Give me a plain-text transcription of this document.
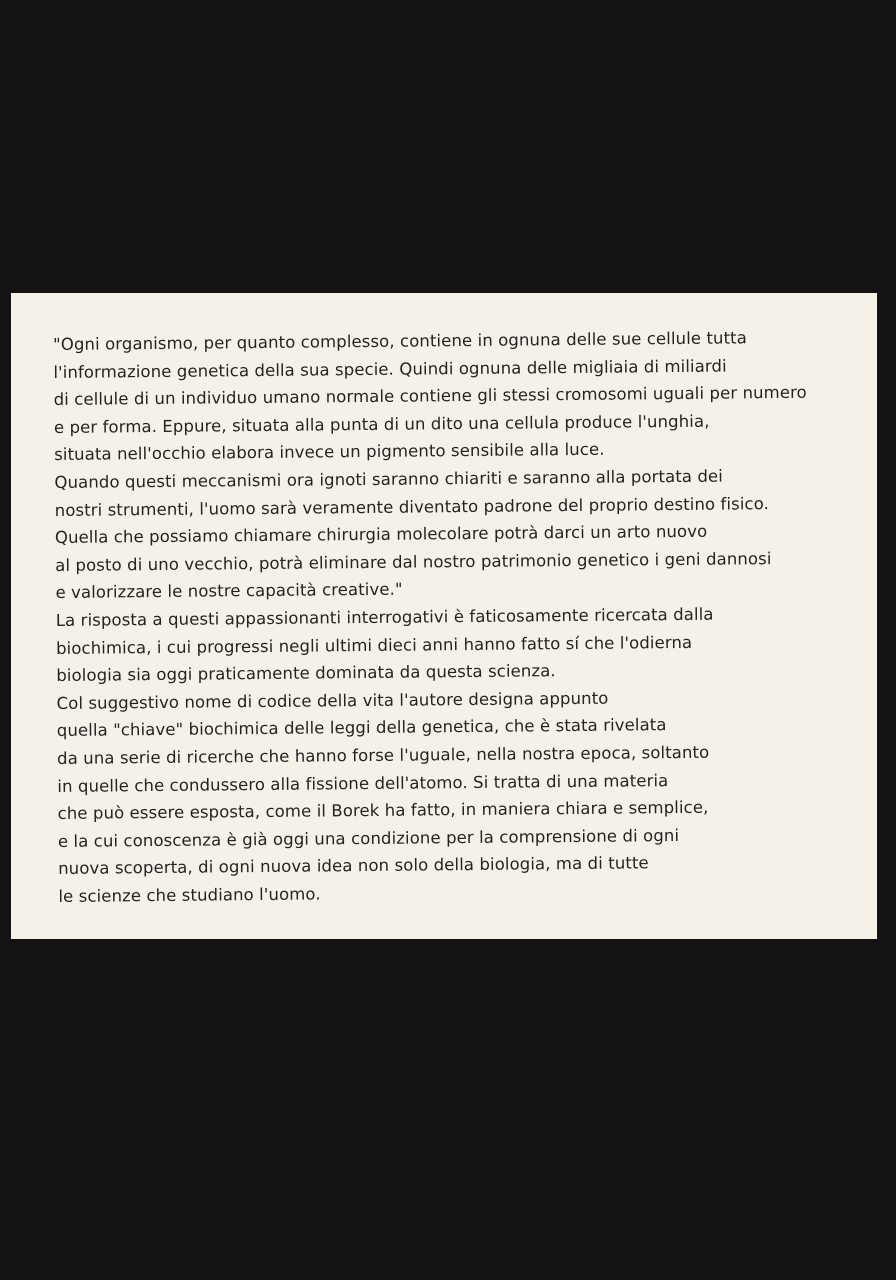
"Ogni organismo, per quanto complesso, contiene in ognuna delle sue cellule tutta
l'informazione genetica della sua specie. Quindi ognuna delle migliaia di miliardi
di cellule di un individuo umano normale contiene gli stessi cromosomi uguali per numero
e per forma. Eppure, situata alla punta di un dito una cellula produce l'unghia,
situata nell'occhio elabora invece un pigmento sensibile alla luce.
Quando questi meccanismi ora ignoti saranno chiariti e saranno alla portata dei
nostri strumenti, l'uomo sarà veramente diventato padrone del proprio destino fisico.
Quella che possiamo chiamare chirurgia molecolare potrà darci un arto nuovo
al posto di uno vecchio, potrà eliminare dal nostro patrimonio genetico i geni dannosi
e valorizzare le nostre capacità creative."
La risposta a questi appassionanti interrogativi è faticosamente ricercata dalla
biochimica, i cui progressi negli ultimi dieci anni hanno fatto sí che l'odierna
biologia sia oggi praticamente dominata da questa scienza.
Col suggestivo nome di codice della vita l'autore designa appunto
quella "chiave" biochimica delle leggi della genetica, che è stata rivelata
da una serie di ricerche che hanno forse l'uguale, nella nostra epoca, soltanto
in quelle che condussero alla fissione dell'atomo. Si tratta di una materia
che può essere esposta, come il Borek ha fatto, in maniera chiara e semplice,
e la cui conoscenza è già oggi una condizione per la comprensione di ogni
nuova scoperta, di ogni nuova idea non solo della biologia, ma di tutte
le scienze che studiano l'uomo.
